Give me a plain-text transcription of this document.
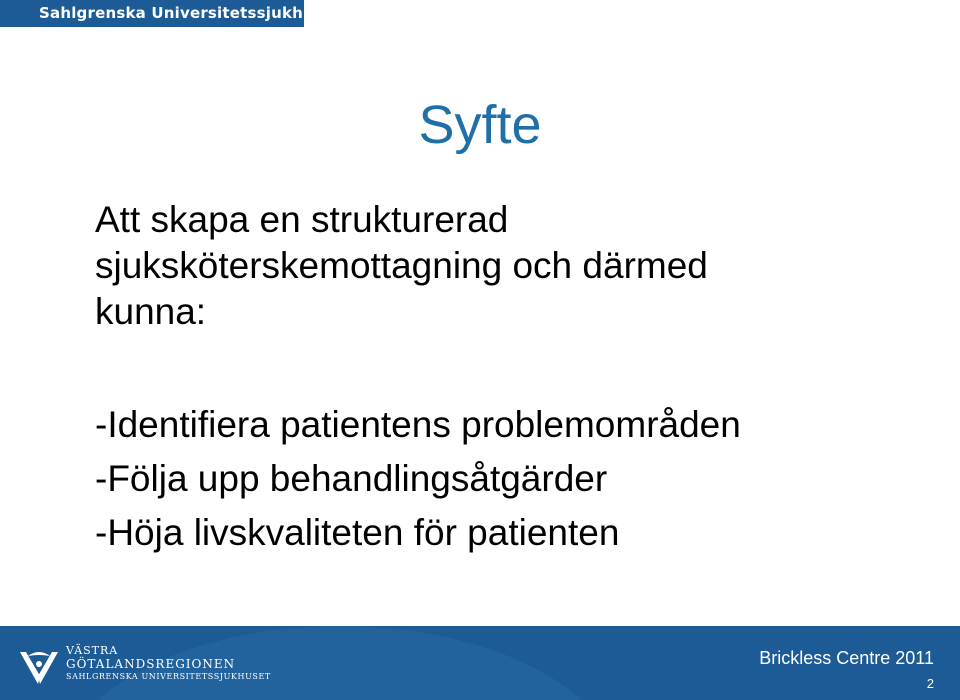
Sahlgrenska Universitetssjukhuset
Syfte
Att skapa en strukturerad
sjuksköterskemottagning och därmed
kunna:
-Identifiera patientens problemområden
-Följa upp behandlingsåtgärder
-Höja livskvaliteten för patienten
VÄSTRA
GÖTALANDSREGIONEN
SAHLGRENSKA UNIVERSITETSSJUKHUSET
Brickless Centre 2011
2
